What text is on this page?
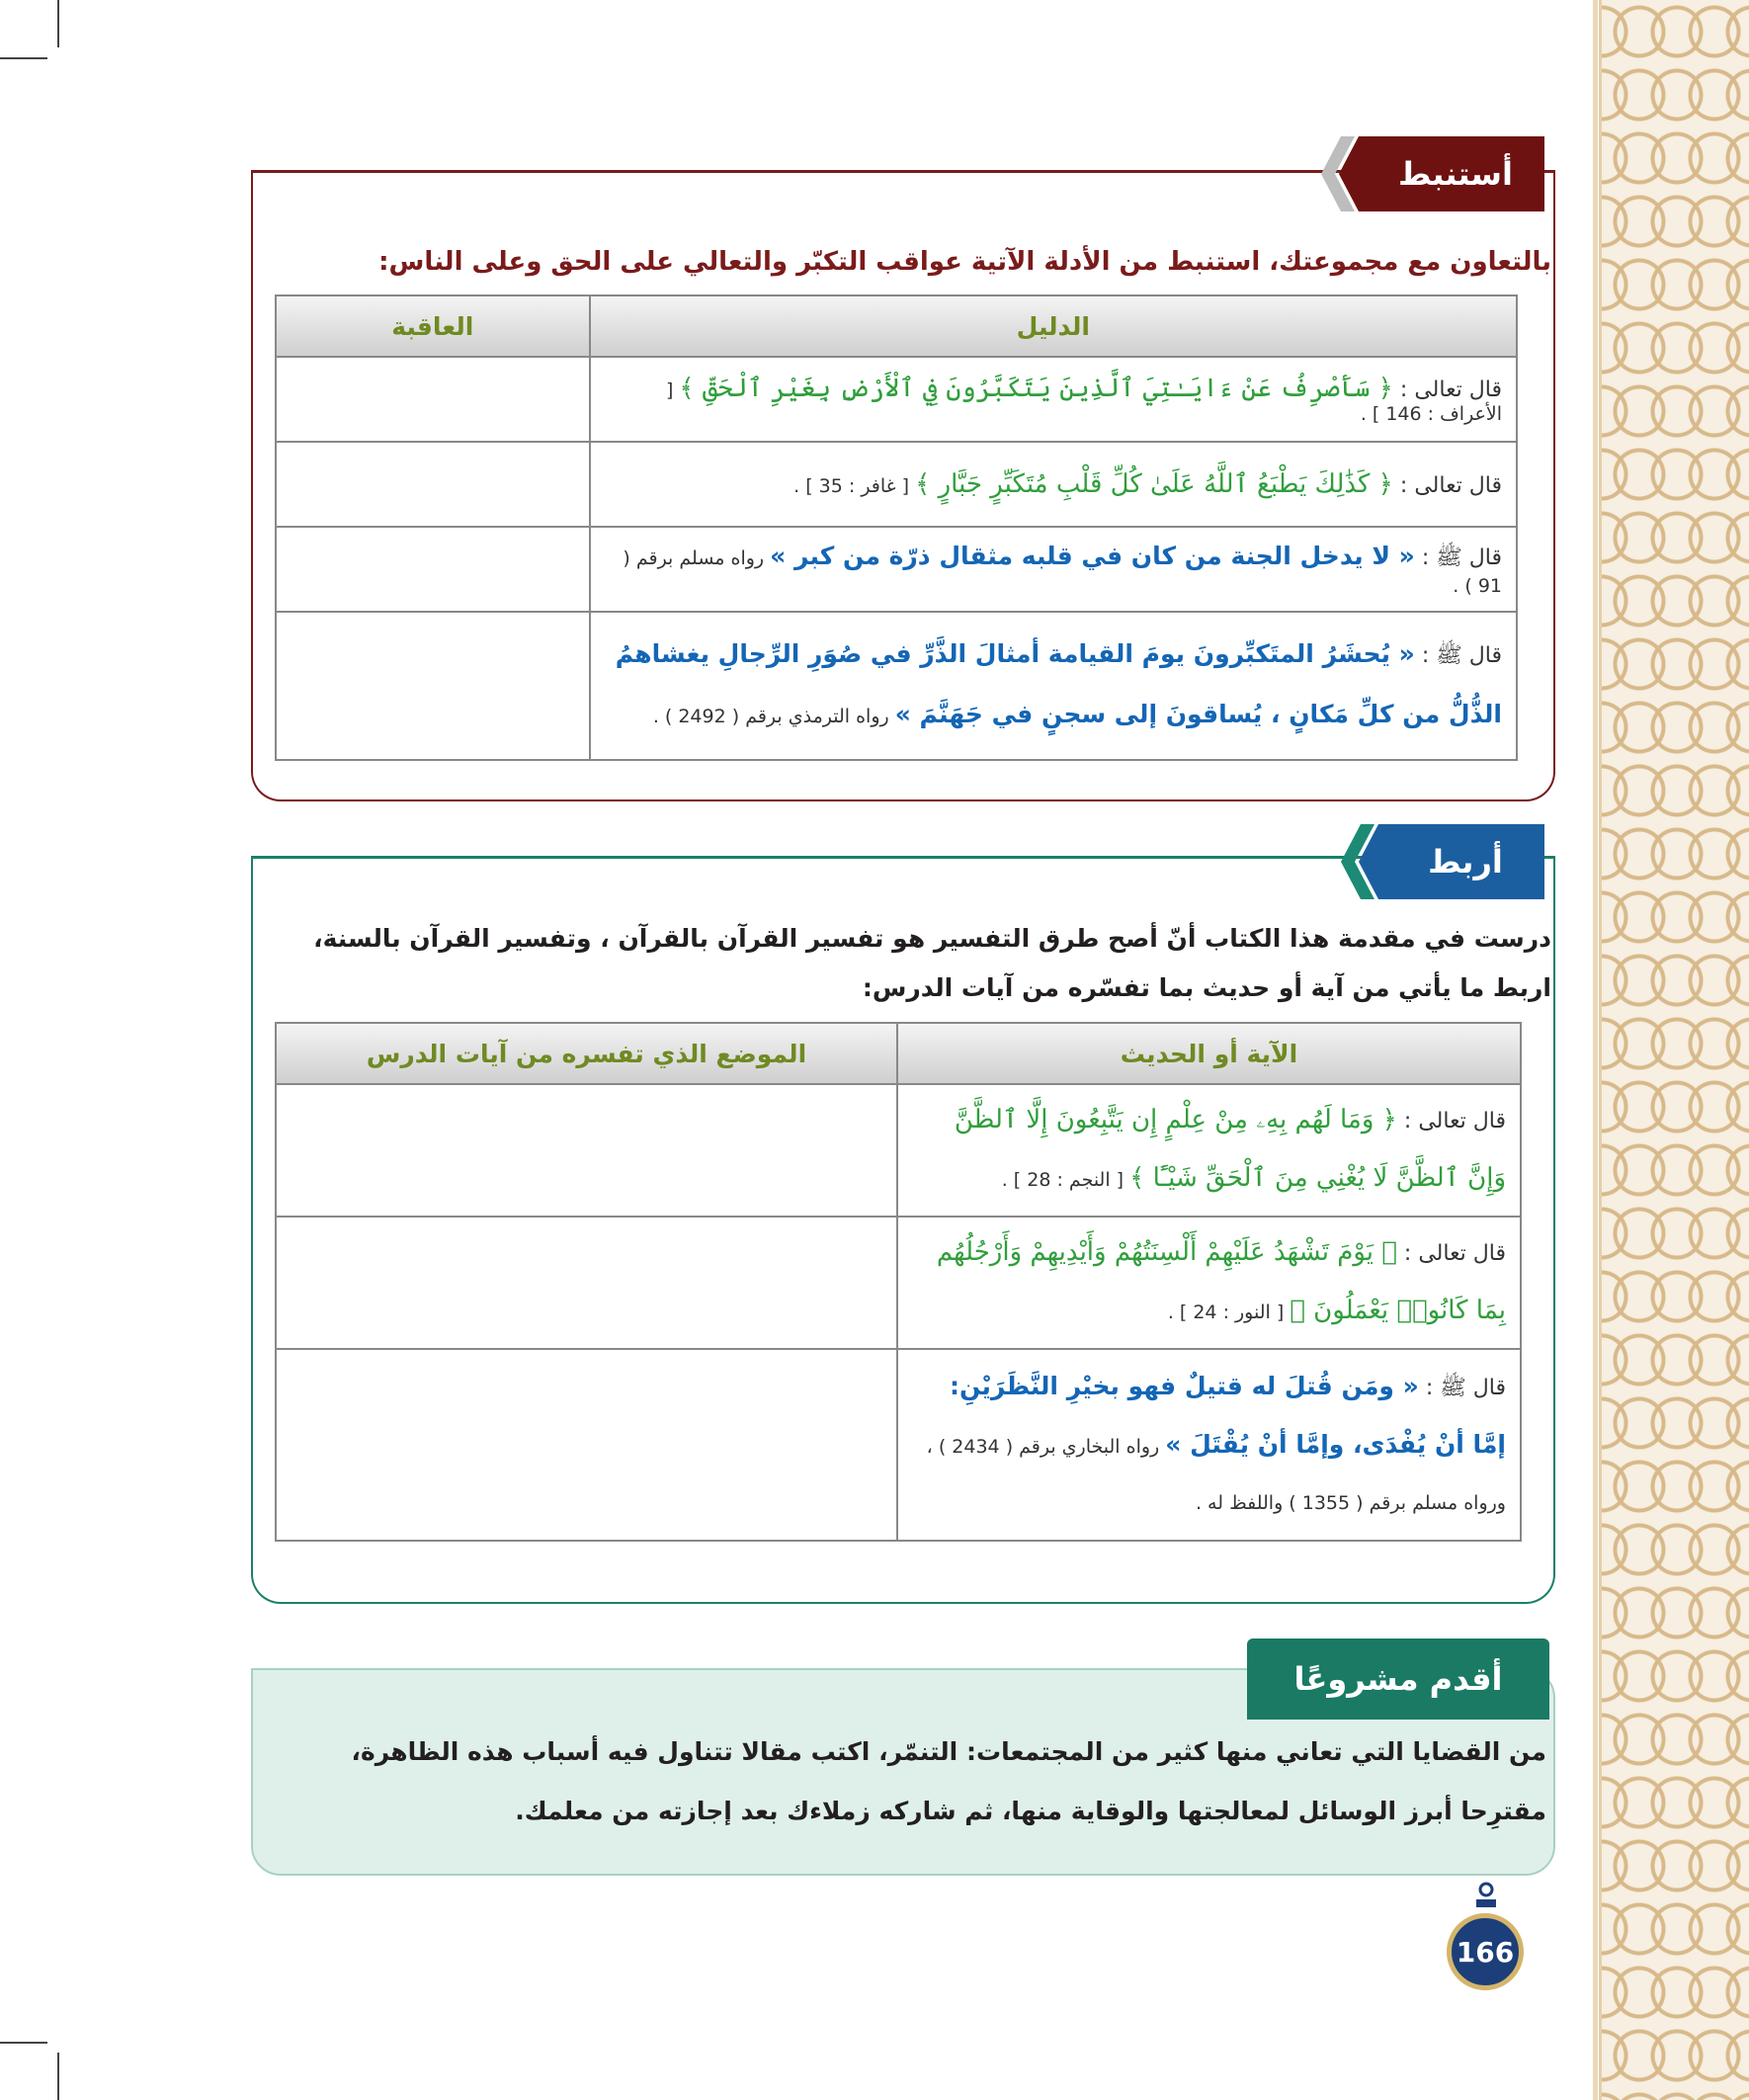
أستنبط
بالتعاون مع مجموعتك، استنبط من الأدلة الآتية عواقب التكبّر والتعالي على الحق وعلى الناس:
الدليل	العاقبة
قال تعالى : ﴿ سَأَصْرِفُ عَنْ ءَايَـٰتِيَ ٱلَّذِينَ يَتَكَبَّرُونَ فِي ٱلْأَرْضِ بِغَيْرِ ٱلْحَقِّ ﴾ [ الأعراف : 146 ] .	
قال تعالى : ﴿ كَذَٰلِكَ يَطْبَعُ ٱللَّهُ عَلَىٰ كُلِّ قَلْبِ مُتَكَبِّرٍ جَبَّارٍ ﴾ [ غافر : 35 ] .	
قال ﷺ : « لا يدخل الجنة من كان في قلبه مثقال ذرّة من كبر » رواه مسلم برقم ( 91 ) .	
قال ﷺ : « يُحشَرُ المتَكبِّرونَ يومَ القيامة أمثالَ الذَّرِّ في صُوَرِ الرِّجالِ يغشاهمُ الذُّلُّ من كلِّ مَكانٍ ، يُساقونَ إلى سجنٍ في جَهَنَّمَ » رواه الترمذي برقم ( 2492 ) .	
أربط
درست في مقدمة هذا الكتاب أنّ أصح طرق التفسير هو تفسير القرآن بالقرآن ، وتفسير القرآن بالسنة،
اربط ما يأتي من آية أو حديث بما تفسّره من آيات الدرس:
الآية أو الحديث	الموضع الذي تفسره من آيات الدرس
قال تعالى : ﴿ وَمَا لَهُم بِهِۦ مِنْ عِلْمٍ إِن يَتَّبِعُونَ إِلَّا ٱلظَّنَّ وَإِنَّ ٱلظَّنَّ لَا يُغْنِي مِنَ ٱلْحَقِّ شَيْـًٔا ﴾ [ النجم : 28 ] .	
قال تعالى : ﴿ يَوْمَ تَشْهَدُ عَلَيْهِمْ أَلْسِنَتُهُمْ وَأَيْدِيهِمْ وَأَرْجُلُهُم بِمَا كَانُوا۟ يَعْمَلُونَ ﴾ [ النور : 24 ] .	
قال ﷺ : « ومَن قُتلَ له قتيلٌ فهو بخيْرِ النَّظَرَيْنِ: إمَّا أنْ يُفْدَى، وإمَّا أنْ يُقْتَلَ » رواه البخاري برقم ( 2434 ) ،
ورواه مسلم برقم ( 1355 ) واللفظ له .	
أقدم مشروعًا
من القضايا التي تعاني منها كثير من المجتمعات: التنمّر، اكتب مقالا تتناول فيه أسباب هذه الظاهرة،
مقترِحا أبرز الوسائل لمعالجتها والوقاية منها، ثم شاركه زملاءك بعد إجازته من معلمك.
166
